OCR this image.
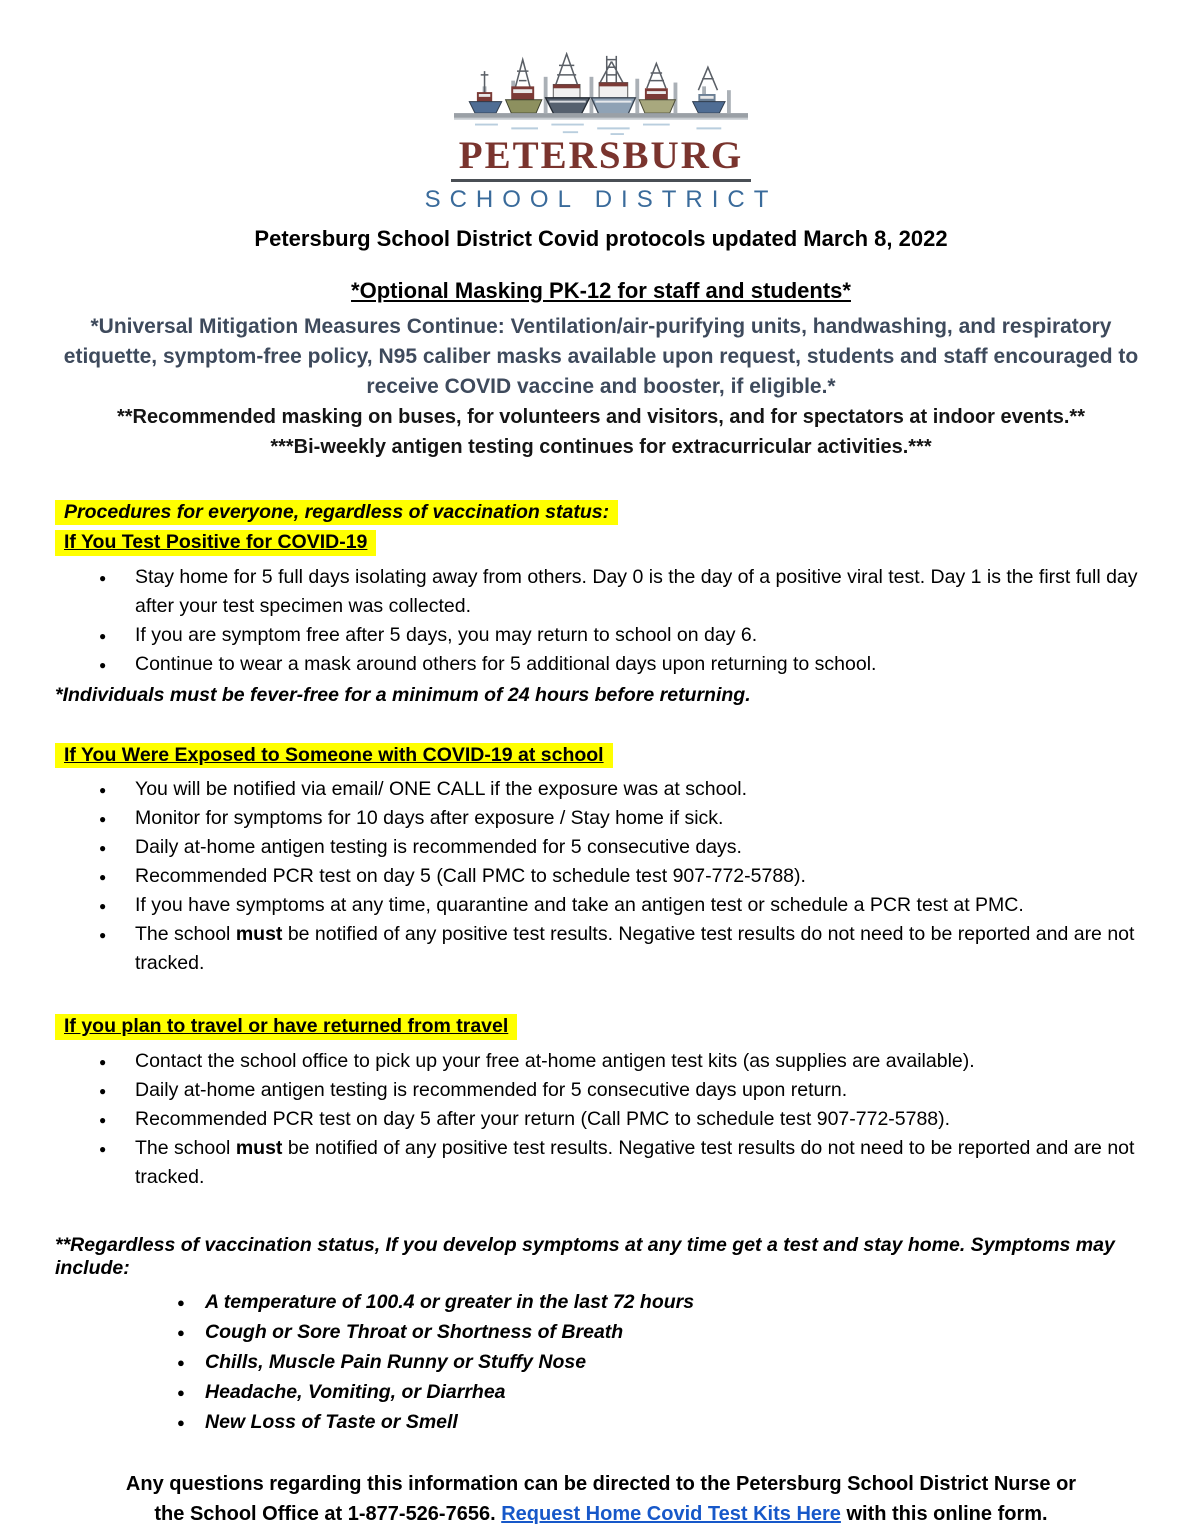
PETERSBURG
SCHOOL DISTRICT
Petersburg School District Covid protocols updated March 8, 2022
*Optional Masking PK-12 for staff and students*
*Universal Mitigation Measures Continue: Ventilation/air-purifying units, handwashing, and respiratory etiquette, symptom-free policy, N95 caliber masks available upon request, students and staff encouraged to receive COVID vaccine and booster, if eligible.*
**Recommended masking on buses, for volunteers and visitors, and for spectators at indoor events.**
***Bi-weekly antigen testing continues for extracurricular activities.***
Procedures for everyone, regardless of vaccination status:
If You Test Positive for COVID-19
● Stay home for 5 full days isolating away from others. Day 0 is the day of a positive viral test. Day 1 is the first full day after your test specimen was collected.
● If you are symptom free after 5 days, you may return to school on day 6.
● Continue to wear a mask around others for 5 additional days upon returning to school.
*Individuals must be fever-free for a minimum of 24 hours before returning.
If You Were Exposed to Someone with COVID-19 at school
● You will be notified via email/ ONE CALL if the exposure was at school.
● Monitor for symptoms for 10 days after exposure / Stay home if sick.
● Daily at-home antigen testing is recommended for 5 consecutive days.
● Recommended PCR test on day 5 (Call PMC to schedule test 907-772-5788).
● If you have symptoms at any time, quarantine and take an antigen test or schedule a PCR test at PMC.
● The school must be notified of any positive test results. Negative test results do not need to be reported and are not tracked.
If you plan to travel or have returned from travel
● Contact the school office to pick up your free at-home antigen test kits (as supplies are available).
● Daily at-home antigen testing is recommended for 5 consecutive days upon return.
● Recommended PCR test on day 5 after your return (Call PMC to schedule test 907-772-5788).
● The school must be notified of any positive test results. Negative test results do not need to be reported and are not tracked.
**Regardless of vaccination status, If you develop symptoms at any time get a test and stay home. Symptoms may include:
● A temperature of 100.4 or greater in the last 72 hours
● Cough or Sore Throat or Shortness of Breath
● Chills, Muscle Pain Runny or Stuffy Nose
● Headache, Vomiting, or Diarrhea
● New Loss of Taste or Smell
Any questions regarding this information can be directed to the Petersburg School District Nurse or the School Office at 1-877-526-7656. Request Home Covid Test Kits Here with this online form.
